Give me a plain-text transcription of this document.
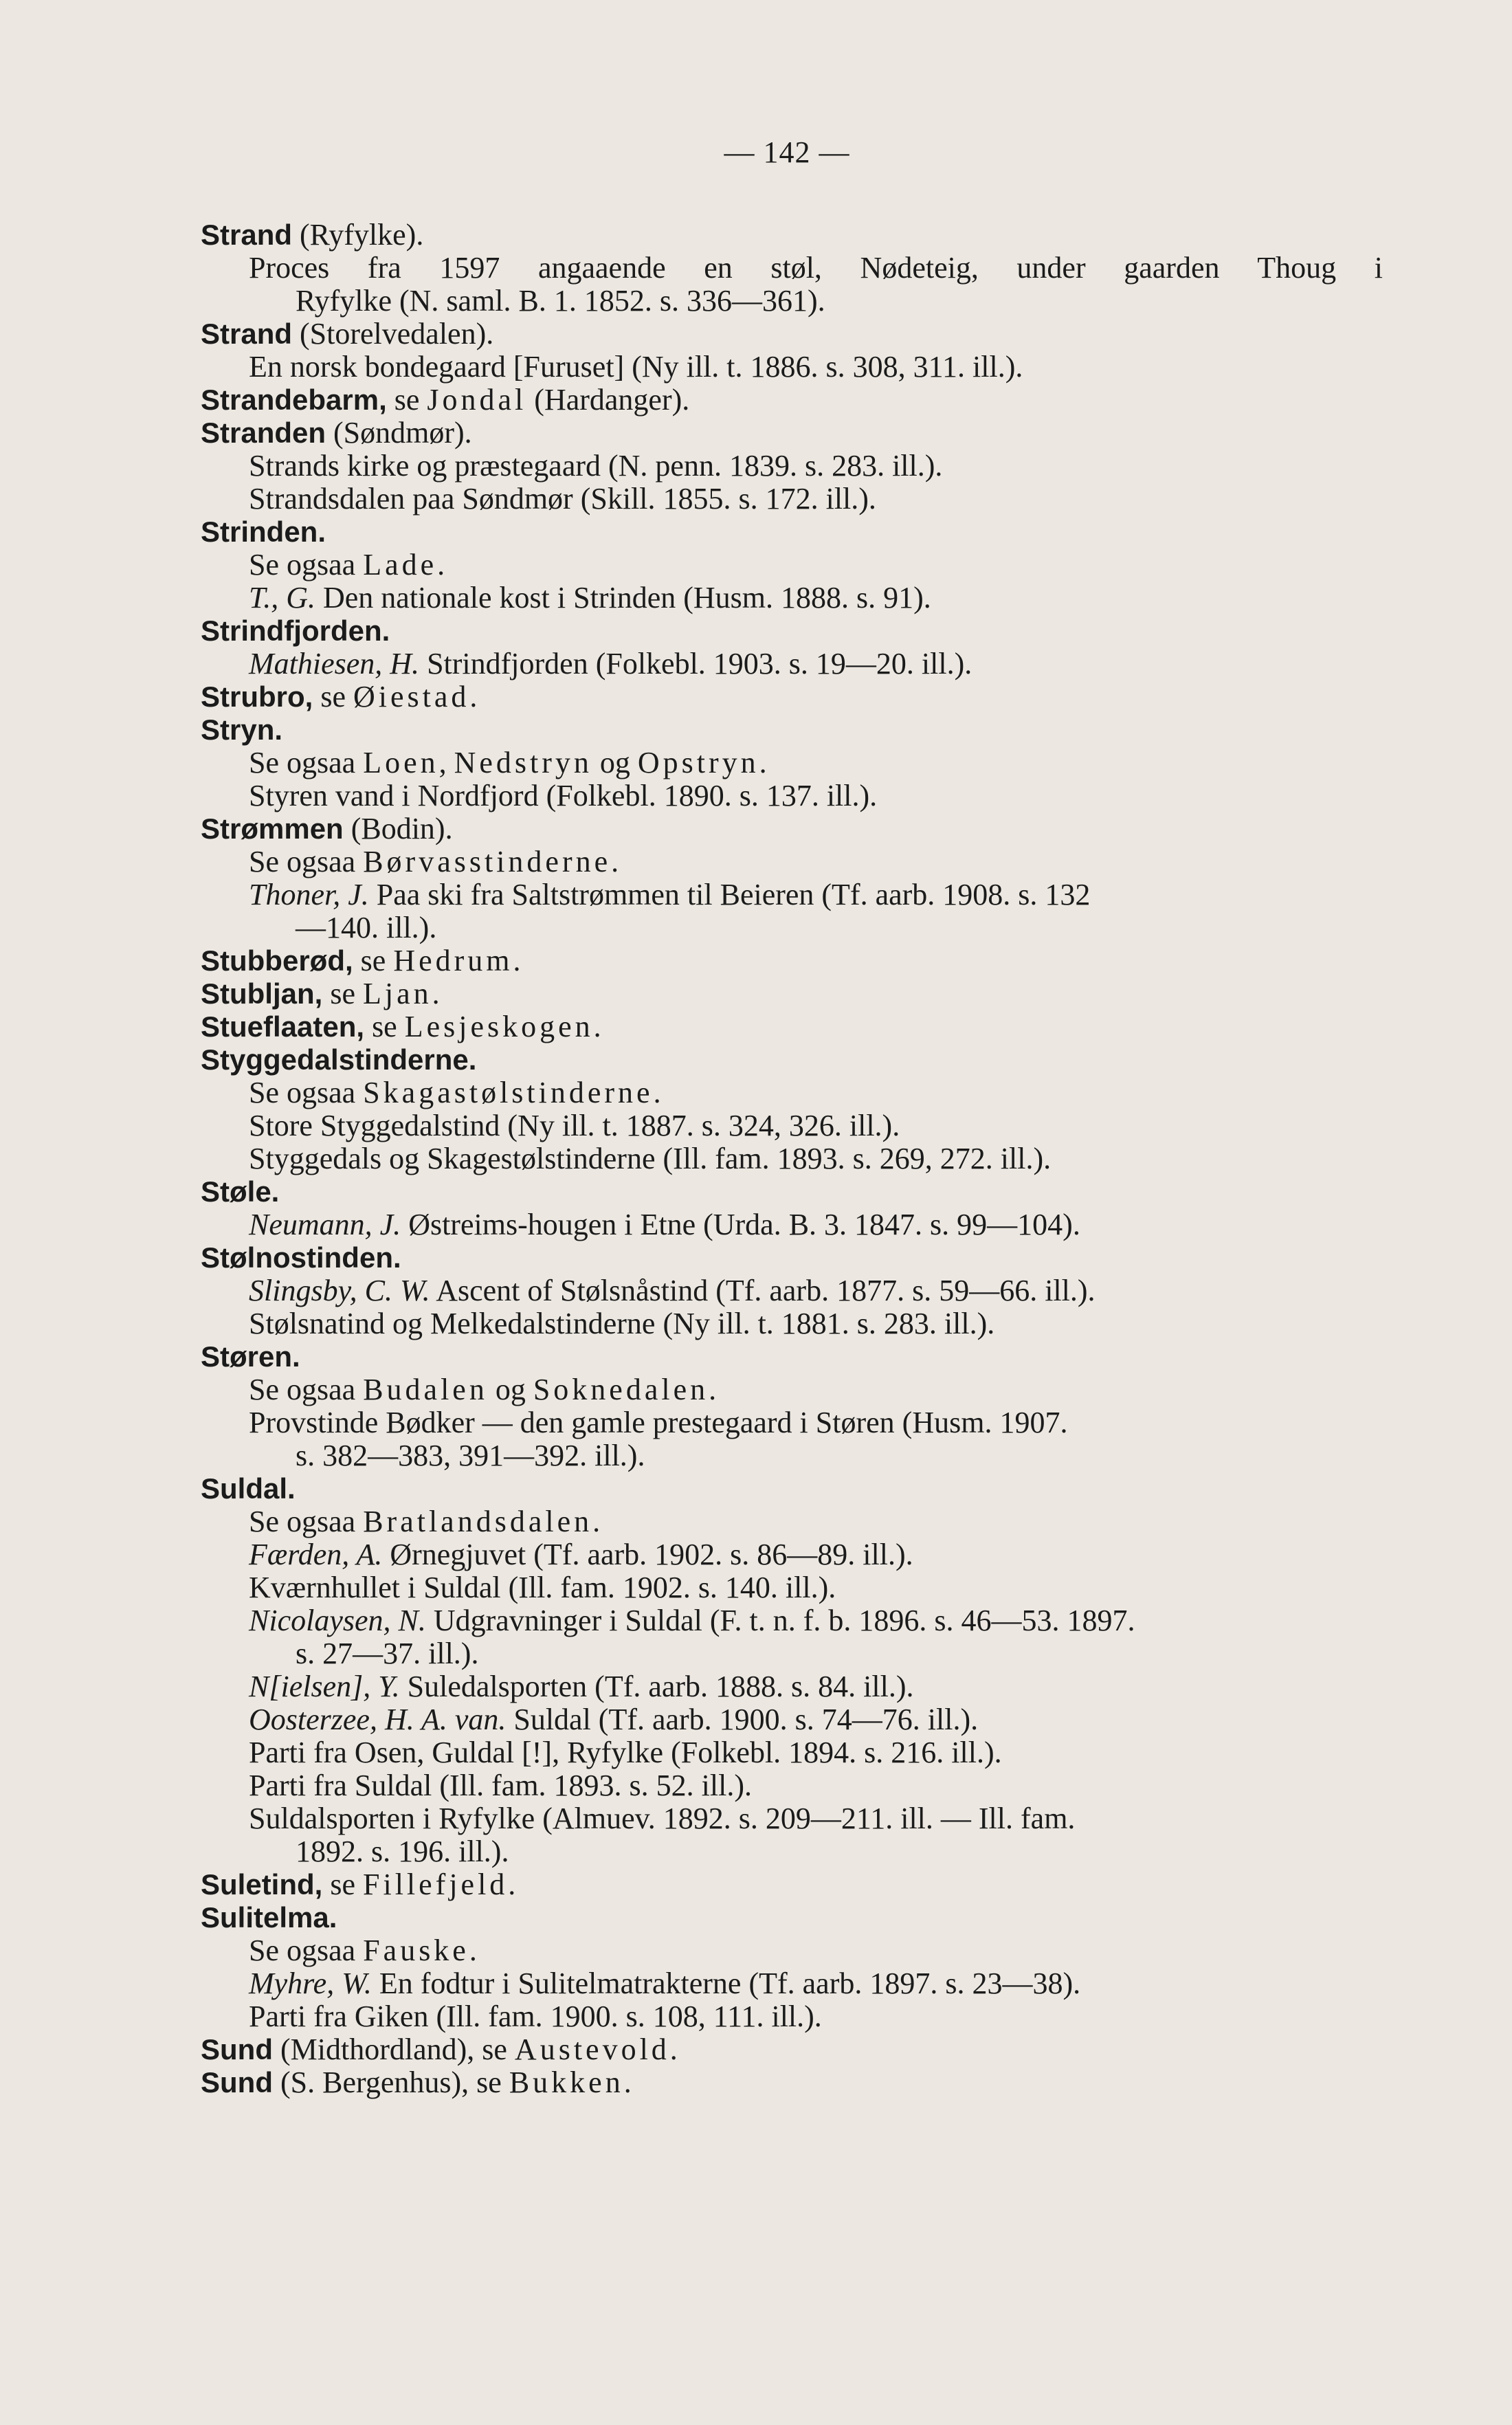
— 142 —
Strand (Ryfylke).
Proces fra 1597 angaaende en støl, Nødeteig, under gaarden Thoug i
Ryfylke (N. saml. B. 1. 1852. s. 336—361).
Strand (Storelvedalen).
En norsk bondegaard [Furuset] (Ny ill. t. 1886. s. 308, 311. ill.).
Strandebarm, se Jondal (Hardanger).
Stranden (Søndmør).
Strands kirke og præstegaard (N. penn. 1839. s. 283. ill.).
Strandsdalen paa Søndmør (Skill. 1855. s. 172. ill.).
Strinden.
Se ogsaa Lade.
T., G. Den nationale kost i Strinden (Husm. 1888. s. 91).
Strindfjorden.
Mathiesen, H. Strindfjorden (Folkebl. 1903. s. 19—20. ill.).
Strubro, se Øiestad.
Stryn.
Se ogsaa Loen, Nedstryn og Opstryn.
Styren vand i Nordfjord (Folkebl. 1890. s. 137. ill.).
Strømmen (Bodin).
Se ogsaa Børvasstinderne.
Thoner, J. Paa ski fra Saltstrømmen til Beieren (Tf. aarb. 1908. s. 132
—140. ill.).
Stubberød, se Hedrum.
Stubljan, se Ljan.
Stueflaaten, se Lesjeskogen.
Styggedalstinderne.
Se ogsaa Skagastølstinderne.
Store Styggedalstind (Ny ill. t. 1887. s. 324, 326. ill.).
Styggedals og Skagestølstinderne (Ill. fam. 1893. s. 269, 272. ill.).
Støle.
Neumann, J. Østreims-hougen i Etne (Urda. B. 3. 1847. s. 99—104).
Stølnostinden.
Slingsby, C. W. Ascent of Stølsnåstind (Tf. aarb. 1877. s. 59—66. ill.).
Stølsnatind og Melkedalstinderne (Ny ill. t. 1881. s. 283. ill.).
Støren.
Se ogsaa Budalen og Soknedalen.
Provstinde Bødker — den gamle prestegaard i Støren (Husm. 1907.
s. 382—383, 391—392. ill.).
Suldal.
Se ogsaa Bratlandsdalen.
Færden, A. Ørnegjuvet (Tf. aarb. 1902. s. 86—89. ill.).
Kværnhullet i Suldal (Ill. fam. 1902. s. 140. ill.).
Nicolaysen, N. Udgravninger i Suldal (F. t. n. f. b. 1896. s. 46—53. 1897.
s. 27—37. ill.).
N[ielsen], Y. Suledalsporten (Tf. aarb. 1888. s. 84. ill.).
Oosterzee, H. A. van. Suldal (Tf. aarb. 1900. s. 74—76. ill.).
Parti fra Osen, Guldal [!], Ryfylke (Folkebl. 1894. s. 216. ill.).
Parti fra Suldal (Ill. fam. 1893. s. 52. ill.).
Suldalsporten i Ryfylke (Almuev. 1892. s. 209—211. ill. — Ill. fam.
1892. s. 196. ill.).
Suletind, se Fillefjeld.
Sulitelma.
Se ogsaa Fauske.
Myhre, W. En fodtur i Sulitelmatrakterne (Tf. aarb. 1897. s. 23—38).
Parti fra Giken (Ill. fam. 1900. s. 108, 111. ill.).
Sund (Midthordland), se Austevold.
Sund (S. Bergenhus), se Bukken.
